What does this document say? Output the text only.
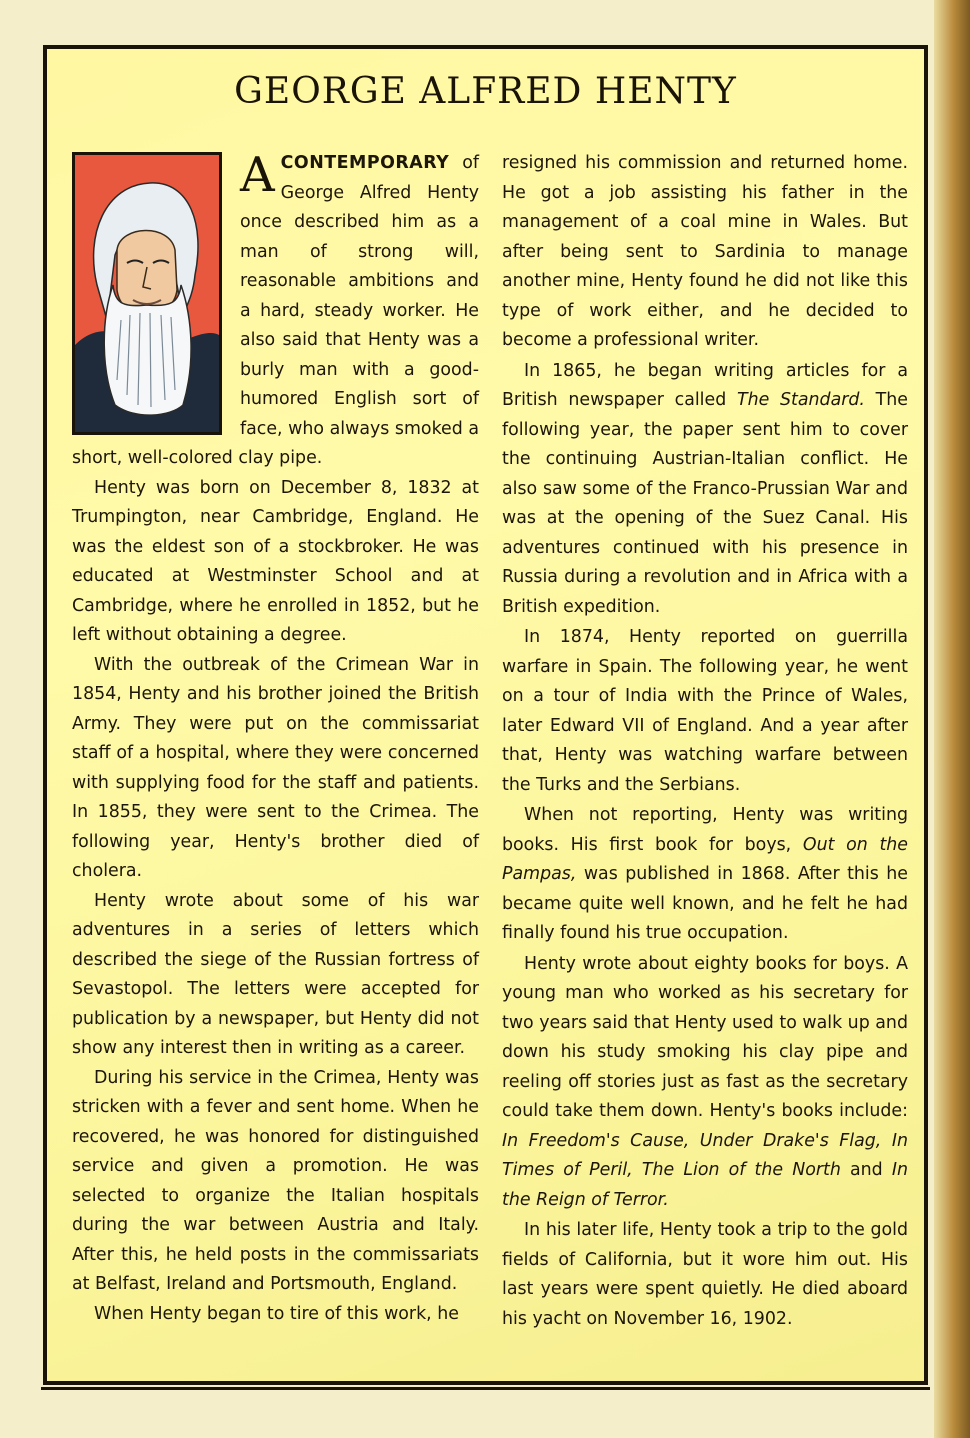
GEORGE ALFRED HENTY

ACONTEMPORARY of George Alfred Henty once described him as a man of strong will, reasonable ambitions and a hard, steady worker. He also said that Henty was a burly man with a good-humored English sort of face, who always smoked a short, well-colored clay pipe.

Henty was born on December 8, 1832 at Trumpington, near Cambridge, England. He was the eldest son of a stockbroker. He was educated at Westminster School and at Cambridge, where he enrolled in 1852, but he left without obtaining a degree.

With the outbreak of the Crimean War in 1854, Henty and his brother joined the British Army. They were put on the commissariat staff of a hospital, where they were concerned with supplying food for the staff and patients. In 1855, they were sent to the Crimea. The following year, Henty's brother died of cholera.

Henty wrote about some of his war adventures in a series of letters which described the siege of the Russian fortress of Sevastopol. The letters were accepted for publication by a newspaper, but Henty did not show any interest then in writing as a career.

During his service in the Crimea, Henty was stricken with a fever and sent home. When he recovered, he was honored for distinguished service and given a promotion. He was selected to organize the Italian hospitals during the war between Austria and Italy. After this, he held posts in the commissariats at Belfast, Ireland and Portsmouth, England.

When Henty began to tire of this work, he

resigned his commission and returned home. He got a job assisting his father in the management of a coal mine in Wales. But after being sent to Sardinia to manage another mine, Henty found he did not like this type of work either, and he decided to become a professional writer.

In 1865, he began writing articles for a British newspaper called The Standard. The following year, the paper sent him to cover the continuing Austrian-Italian conflict. He also saw some of the Franco-Prussian War and was at the opening of the Suez Canal. His adventures continued with his presence in Russia during a revolution and in Africa with a British expedition.

In 1874, Henty reported on guerrilla warfare in Spain. The following year, he went on a tour of India with the Prince of Wales, later Edward VII of England. And a year after that, Henty was watching warfare between the Turks and the Serbians.

When not reporting, Henty was writing books. His first book for boys, Out on the Pampas, was published in 1868. After this he became quite well known, and he felt he had finally found his true occupation.

Henty wrote about eighty books for boys. A young man who worked as his secretary for two years said that Henty used to walk up and down his study smoking his clay pipe and reeling off stories just as fast as the secretary could take them down. Henty's books include: In Freedom's Cause, Under Drake's Flag, In Times of Peril, The Lion of the North and In the Reign of Terror.

In his later life, Henty took a trip to the gold fields of California, but it wore him out. His last years were spent quietly. He died aboard his yacht on November 16, 1902.
